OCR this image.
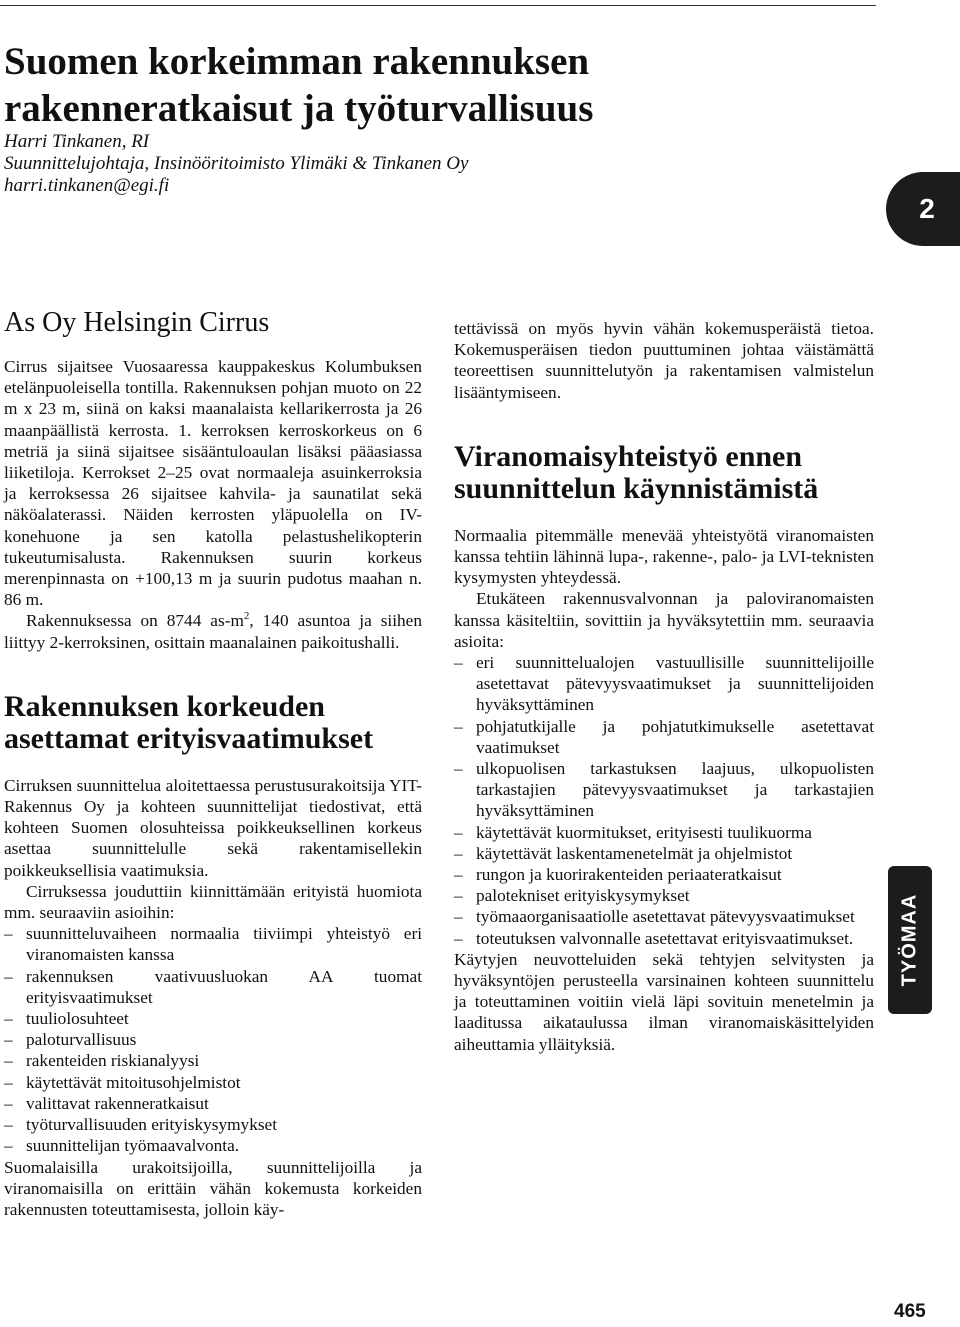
Suomen korkeimman rakennuksen
rakenneratkaisut ja työturvallisuus
Harri Tinkanen, RI
Suunnittelujohtaja, Insinööritoimisto Ylimäki & Tinkanen Oy
harri.tinkanen@egi.fi
2
TYÖMAA
465
As Oy Helsingin Cirrus

Cirrus sijaitsee Vuosaaressa kauppakeskus Kolumbuksen etelänpuoleisella tontilla. Rakennuksen pohjan muoto on 22 m x 23 m, siinä on kaksi maanalaista kellarikerrosta ja 26 maanpäällistä kerrosta. 1. kerroksen kerroskorkeus on 6 metriä ja siinä sijaitsee sisääntuloaulan lisäksi pääasiassa liiketiloja. Kerrokset 2–25 ovat normaaleja asuinkerroksia ja kerroksessa 26 sijaitsee kahvila- ja saunatilat sekä näköalaterassi. Näiden kerrosten yläpuolella on IV-konehuone ja sen katolla pelastushelikopterin tukeutumisalusta. Rakennuksen suurin korkeus merenpinnasta on +100,13 m ja suurin pudotus maahan n. 86 m.

Rakennuksessa on 8744 $as-m^2$, 140 asuntoa ja siihen liittyy 2-kerroksinen, osittain maanalainen paikoitushalli.

Rakennuksen korkeuden
asettamat erityisvaatimukset

Cirruksen suunnittelua aloitettaessa perustusurakoitsija YIT-Rakennus Oy ja kohteen suunnittelijat tiedostivat, että kohteen Suomen olosuhteissa poikkeuksellinen korkeus asettaa suunnittelulle sekä rakentamisellekin poikkeuksellisia vaatimuksia.

Cirruksessa jouduttiin kiinnittämään erityistä huomiota mm. seuraaviin asioihin:

– suunnitteluvaiheen normaalia tiiviimpi yhteistyö eri viranomaisten kanssa
– rakennuksen vaativuusluokan AA tuomat erityisvaatimukset
– tuuliolosuhteet
– paloturvallisuus
– rakenteiden riskianalyysi
– käytettävät mitoitusohjelmistot
– valittavat rakenneratkaisut
– työturvallisuuden erityiskysymykset
– suunnittelijan työmaavalvonta.

Suomalaisilla urakoitsijoilla, suunnittelijoilla ja viranomaisilla on erittäin vähän kokemusta korkeiden rakennusten toteuttamisesta, jolloin käy-

tettävissä on myös hyvin vähän kokemusperäistä tietoa. Kokemusperäisen tiedon puuttuminen johtaa väistämättä teoreettisen suunnittelutyön ja rakentamisen valmistelun lisääntymiseen.

Viranomaisyhteistyö ennen
suunnittelun käynnistämistä

Normaalia pitemmälle menevää yhteistyötä viranomaisten kanssa tehtiin lähinnä lupa-, rakenne-, palo- ja LVI-teknisten kysymysten yhteydessä.

Etukäteen rakennusvalvonnan ja paloviranomaisten kanssa käsiteltiin, sovittiin ja hyväksytettiin mm. seuraavia asioita:

– eri suunnittelualojen vastuullisille suunnittelijoille asetettavat pätevyysvaatimukset ja suunnittelijoiden hyväksyttäminen
– pohjatutkijalle ja pohjatutkimukselle asetettavat vaatimukset
– ulkopuolisen tarkastuksen laajuus, ulkopuolisten tarkastajien pätevyysvaatimukset ja tarkastajien hyväksyttäminen
– käytettävät kuormitukset, erityisesti tuulikuorma
– käytettävät laskentamenetelmät ja ohjelmistot
– rungon ja kuorirakenteiden periaateratkaisut
– palotekniset erityiskysymykset
– työmaaorganisaatiolle asetettavat pätevyysvaatimukset
– toteutuksen valvonnalle asetettavat erityisvaatimukset.

Käytyjen neuvotteluiden sekä tehtyjen selvitysten ja hyväksyntöjen perusteella varsinainen kohteen suunnittelu ja toteuttaminen voitiin vielä läpi sovituin menetelmin ja laaditussa aikataulussa ilman viranomaiskäsittelyiden aiheuttamia ylläityksiä.
